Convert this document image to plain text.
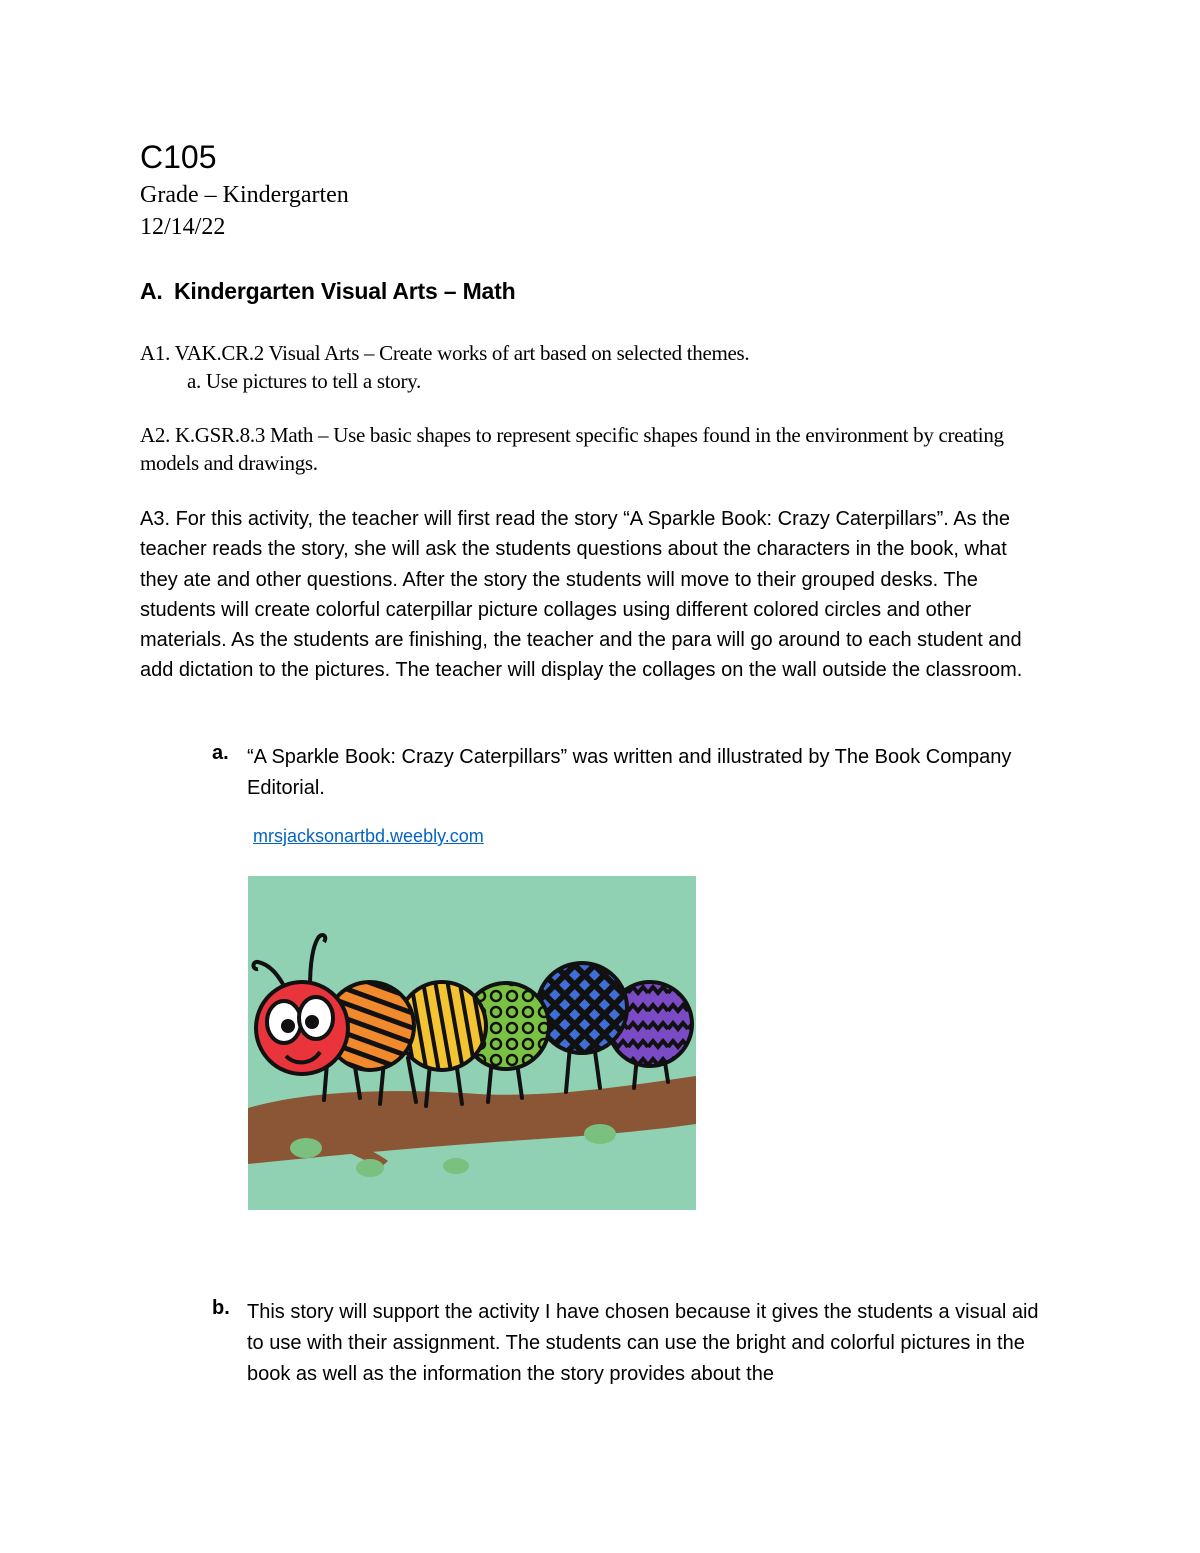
C105
Grade – Kindergarten
12/14/22
A. Kindergarten Visual Arts – Math
A1. VAK.CR.2 Visual Arts – Create works of art based on selected themes.
a. Use pictures to tell a story.
A2. K.GSR.8.3 Math – Use basic shapes to represent specific shapes found in the environment by creating models and drawings.
A3. For this activity, the teacher will first read the story “A Sparkle Book: Crazy Caterpillars”. As the teacher reads the story, she will ask the students questions about the characters in the book, what they ate and other questions. After the story the students will move to their grouped desks. The students will create colorful caterpillar picture collages using different colored circles and other materials. As the students are finishing, the teacher and the para will go around to each student and add dictation to the pictures. The teacher will display the collages on the wall outside the classroom.
a. “A Sparkle Book: Crazy Caterpillars” was written and illustrated by The Book Company Editorial.
mrsjacksonartbd.weebly.com
b. This story will support the activity I have chosen because it gives the students a visual aid to use with their assignment. The students can use the bright and colorful pictures in the book as well as the information the story provides about the
